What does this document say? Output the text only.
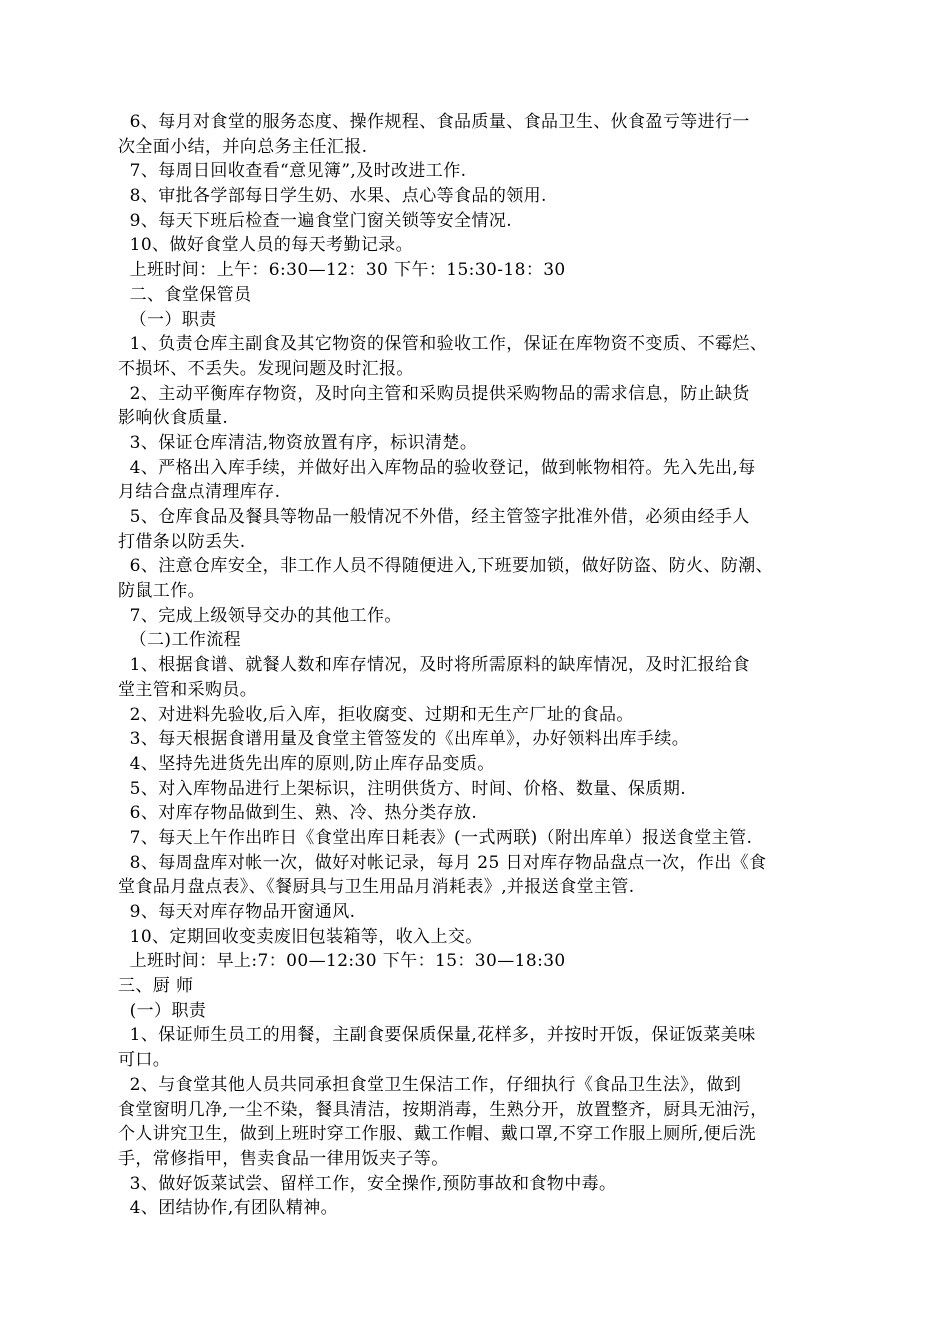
6、每月对食堂的服务态度、操作规程、食品质量、食品卫生、伙食盈亏等进行一
次全面小结，并向总务主任汇报.
7、每周日回收查看“意见簿”,及时改进工作.
8、审批各学部每日学生奶、水果、点心等食品的领用.
9、每天下班后检查一遍食堂门窗关锁等安全情况.
10、做好食堂人员的每天考勤记录。
上班时间：上午：6:30—12：30 下午：15:30-18：30
二、食堂保管员
（一）职责
1、负责仓库主副食及其它物资的保管和验收工作，保证在库物资不变质、不霉烂、
不损坏、不丢失。发现问题及时汇报。
2、主动平衡库存物资，及时向主管和采购员提供采购物品的需求信息，防止缺货
影响伙食质量.
3、保证仓库清洁,物资放置有序，标识清楚。
4、严格出入库手续，并做好出入库物品的验收登记，做到帐物相符。先入先出,每
月结合盘点清理库存.
5、仓库食品及餐具等物品一般情况不外借，经主管签字批准外借，必须由经手人
打借条以防丢失.
6、注意仓库安全，非工作人员不得随便进入,下班要加锁，做好防盗、防火、防潮、
防鼠工作。
7、完成上级领导交办的其他工作。
（二)工作流程
1、根据食谱、就餐人数和库存情况，及时将所需原料的缺库情况，及时汇报给食
堂主管和采购员。
2、对进料先验收,后入库，拒收腐变、过期和无生产厂址的食品。
3、每天根据食谱用量及食堂主管签发的《出库单》，办好领料出库手续。
4、坚持先进货先出库的原则,防止库存品变质。
5、对入库物品进行上架标识，注明供货方、时间、价格、数量、保质期.
6、对库存物品做到生、熟、冷、热分类存放.
7、每天上午作出昨日《食堂出库日耗表》(一式两联)（附出库单）报送食堂主管.
8、每周盘库对帐一次，做好对帐记录，每月 25 日对库存物品盘点一次，作出《食
堂食品月盘点表》、《餐厨具与卫生用品月消耗表》,并报送食堂主管.
9、每天对库存物品开窗通风.
10、定期回收变卖废旧包装箱等，收入上交。
上班时间：早上:7：00—12:30 下午：15：30—18:30
三、厨 师
(一）职责
1、保证师生员工的用餐，主副食要保质保量,花样多，并按时开饭，保证饭菜美味
可口。
2、与食堂其他人员共同承担食堂卫生保洁工作，仔细执行《食品卫生法》，做到
食堂窗明几净,一尘不染，餐具清洁，按期消毒，生熟分开，放置整齐，厨具无油污，
个人讲究卫生，做到上班时穿工作服、戴工作帽、戴口罩,不穿工作服上厕所,便后洗
手，常修指甲，售卖食品一律用饭夹子等。
3、做好饭菜试尝、留样工作，安全操作,预防事故和食物中毒。
4、团结协作,有团队精神。
